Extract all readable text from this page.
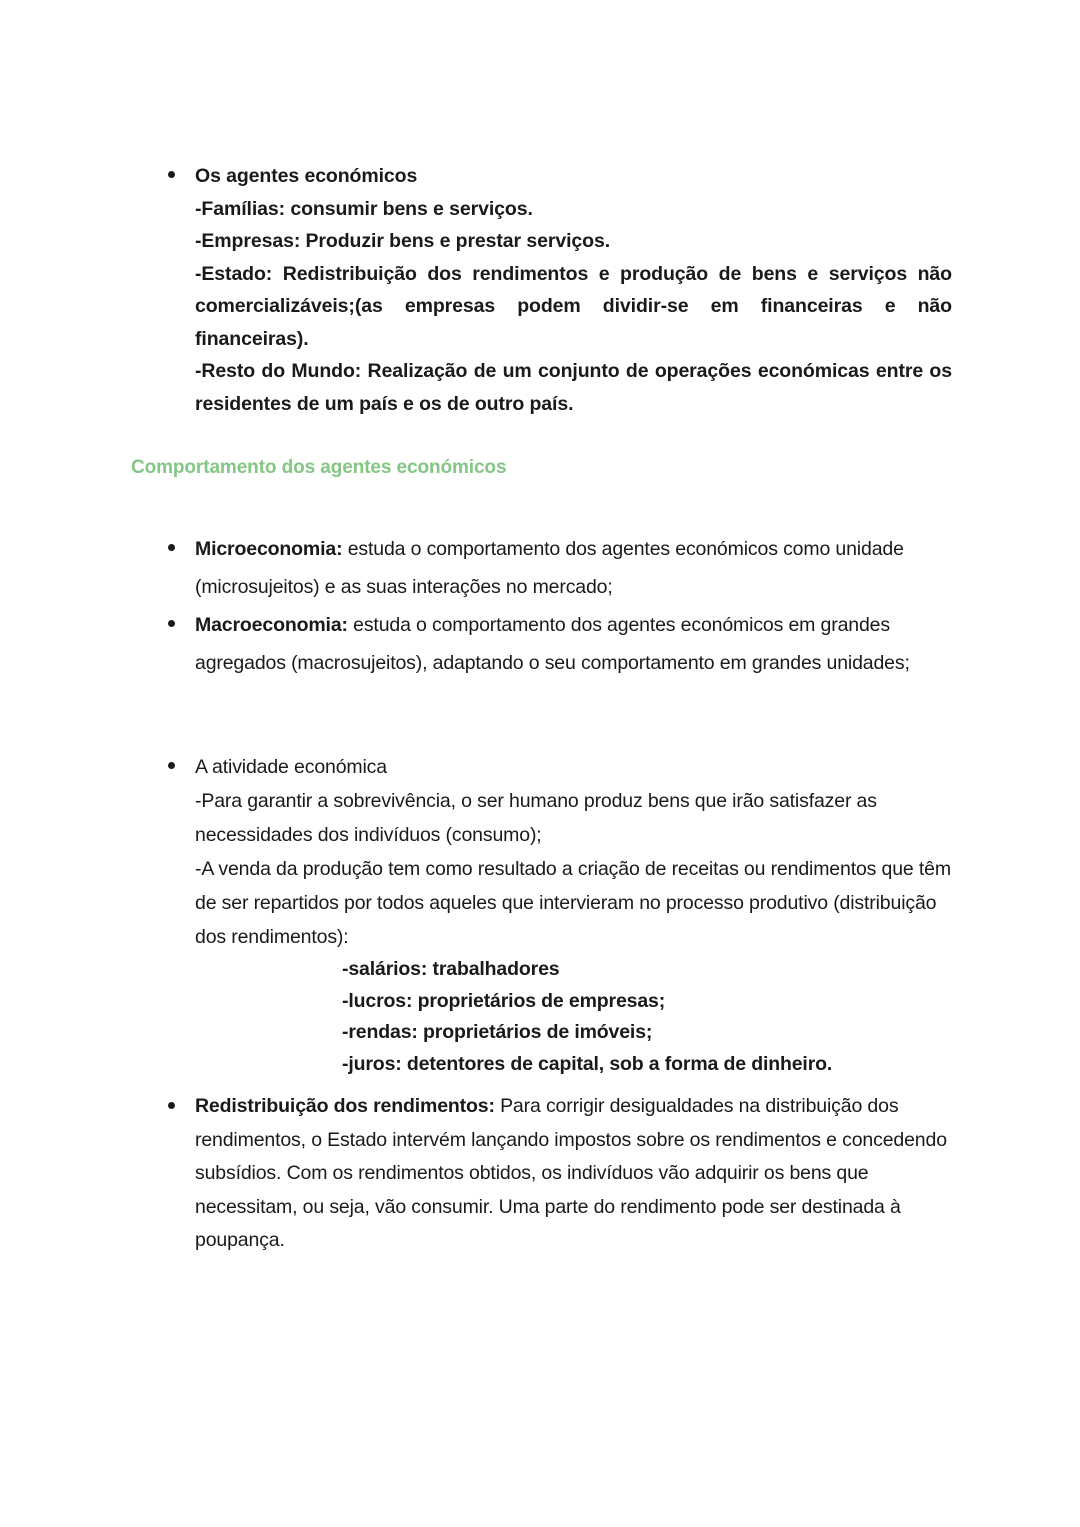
Os agentes económicos
-Famílias: consumir bens e serviços.
-Empresas: Produzir bens e prestar serviços.
-Estado: Redistribuição dos rendimentos e produção de bens e serviços não comercializáveis;(as empresas podem dividir-se em financeiras e não financeiras).
-Resto do Mundo: Realização de um conjunto de operações económicas entre os residentes de um país e os de outro país.
Comportamento dos agentes económicos
Microeconomia: estuda o comportamento dos agentes económicos como unidade (microsujeitos) e as suas interações no mercado;
Macroeconomia: estuda o comportamento dos agentes económicos em grandes agregados (macrosujeitos), adaptando o seu comportamento em grandes unidades;
A atividade económica
-Para garantir a sobrevivência, o ser humano produz bens que irão satisfazer as necessidades dos indivíduos (consumo);
-A venda da produção tem como resultado a criação de receitas ou rendimentos que têm de ser repartidos por todos aqueles que intervieram no processo produtivo (distribuição dos rendimentos):
-salários: trabalhadores
-lucros: proprietários de empresas;
-rendas: proprietários de imóveis;
-juros: detentores de capital, sob a forma de dinheiro.
Redistribuição dos rendimentos: Para corrigir desigualdades na distribuição dos rendimentos, o Estado intervém lançando impostos sobre os rendimentos e concedendo subsídios. Com os rendimentos obtidos, os indivíduos vão adquirir os bens que necessitam, ou seja, vão consumir. Uma parte do rendimento pode ser destinada à poupança.
